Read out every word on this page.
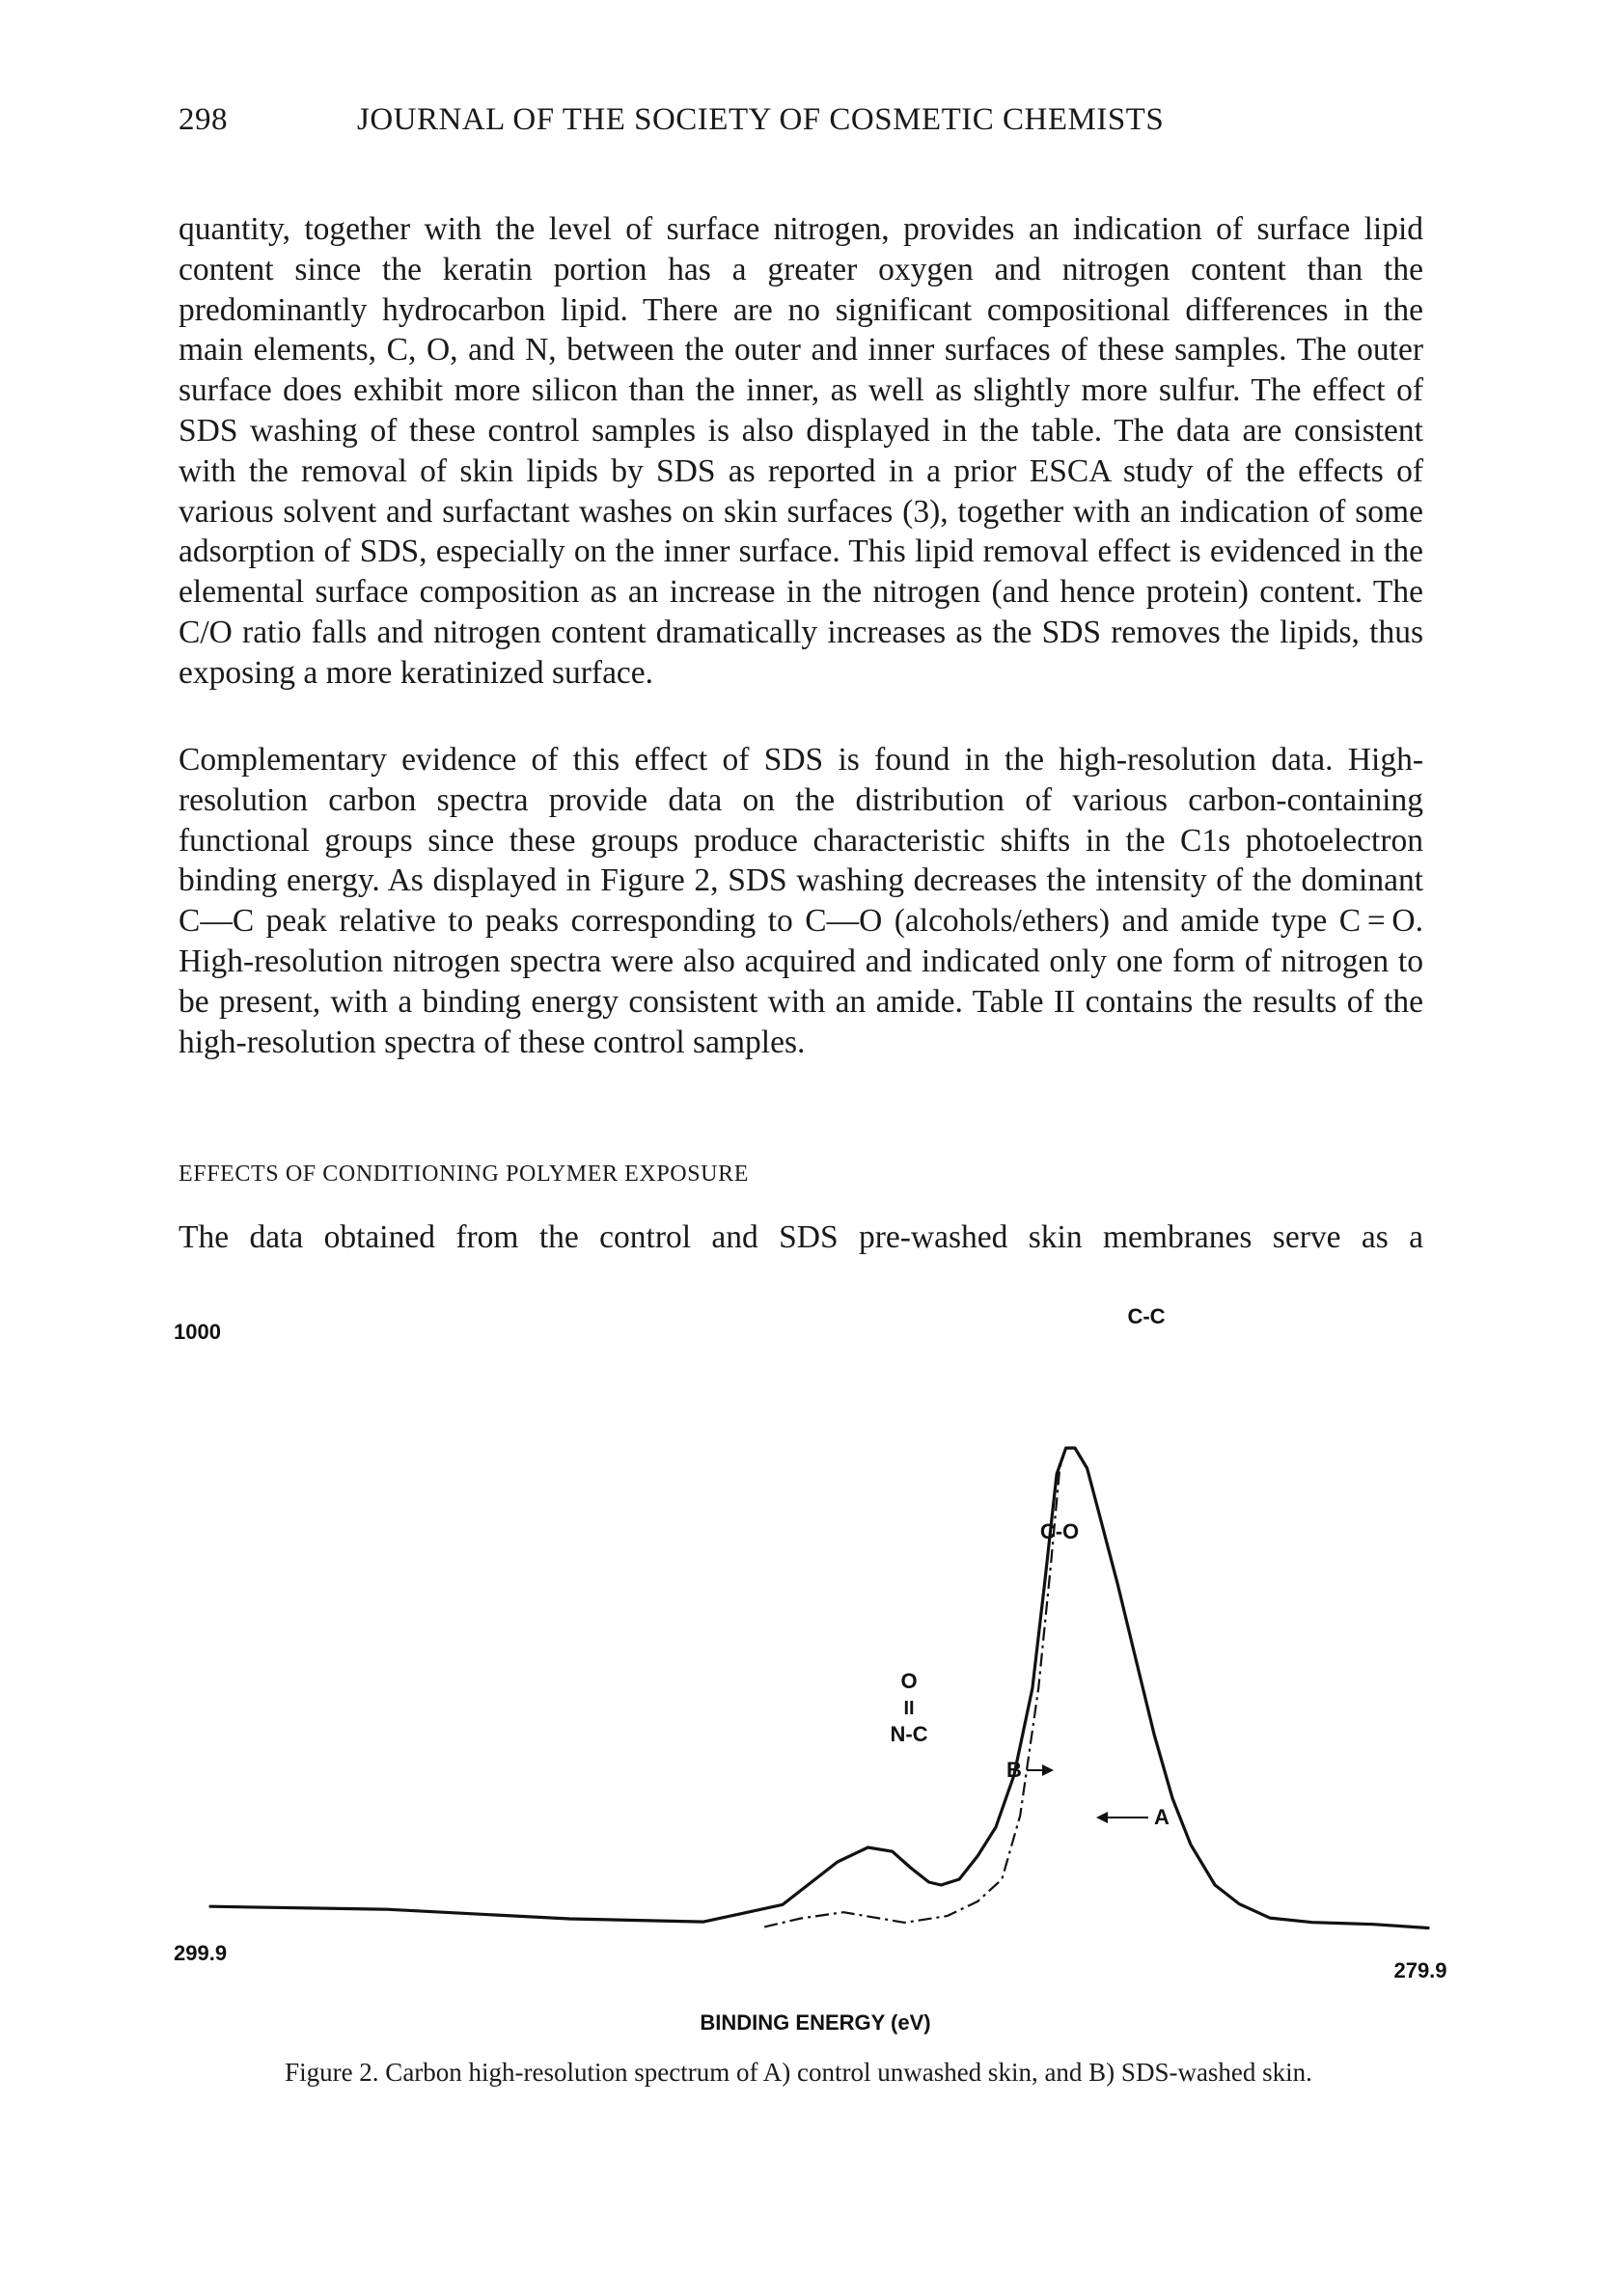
298	JOURNAL OF THE SOCIETY OF COSMETIC CHEMISTS

quantity, together with the level of surface nitrogen, provides an indication of surface lipid content since the keratin portion has a greater oxygen and nitrogen content than the predominantly hydrocarbon lipid. There are no significant compositional differences in the main elements, C, O, and N, between the outer and inner surfaces of these samples. The outer surface does exhibit more silicon than the inner, as well as slightly more sulfur. The effect of SDS washing of these control samples is also displayed in the table. The data are consistent with the removal of skin lipids by SDS as reported in a prior ESCA study of the effects of various solvent and surfactant washes on skin surfaces (3), together with an indication of some adsorption of SDS, especially on the inner surface. This lipid removal effect is evidenced in the elemental surface composition as an increase in the nitrogen (and hence protein) content. The C/O ratio falls and nitrogen content dramatically increases as the SDS removes the lipids, thus exposing a more keratinized surface.

Complementary evidence of this effect of SDS is found in the high-resolution data. High-resolution carbon spectra provide data on the distribution of various carbon-containing functional groups since these groups produce characteristic shifts in the C1s photoelectron binding energy. As displayed in Figure 2, SDS washing decreases the intensity of the dominant C—C peak relative to peaks corresponding to C—O (alcohols/ethers) and amide type C = O. High-resolution nitrogen spectra were also acquired and indicated only one form of nitrogen to be present, with a binding energy consistent with an amide. Table II contains the results of the high-resolution spectra of these control samples.

EFFECTS OF CONDITIONING POLYMER EXPOSURE

The data obtained from the control and SDS pre-washed skin membranes serve as a

1000
299.9
279.9
BINDING ENERGY (eV)
C-C
C-O
O
II
N-C
B
A

Figure 2. Carbon high-resolution spectrum of A) control unwashed skin, and B) SDS-washed skin.
